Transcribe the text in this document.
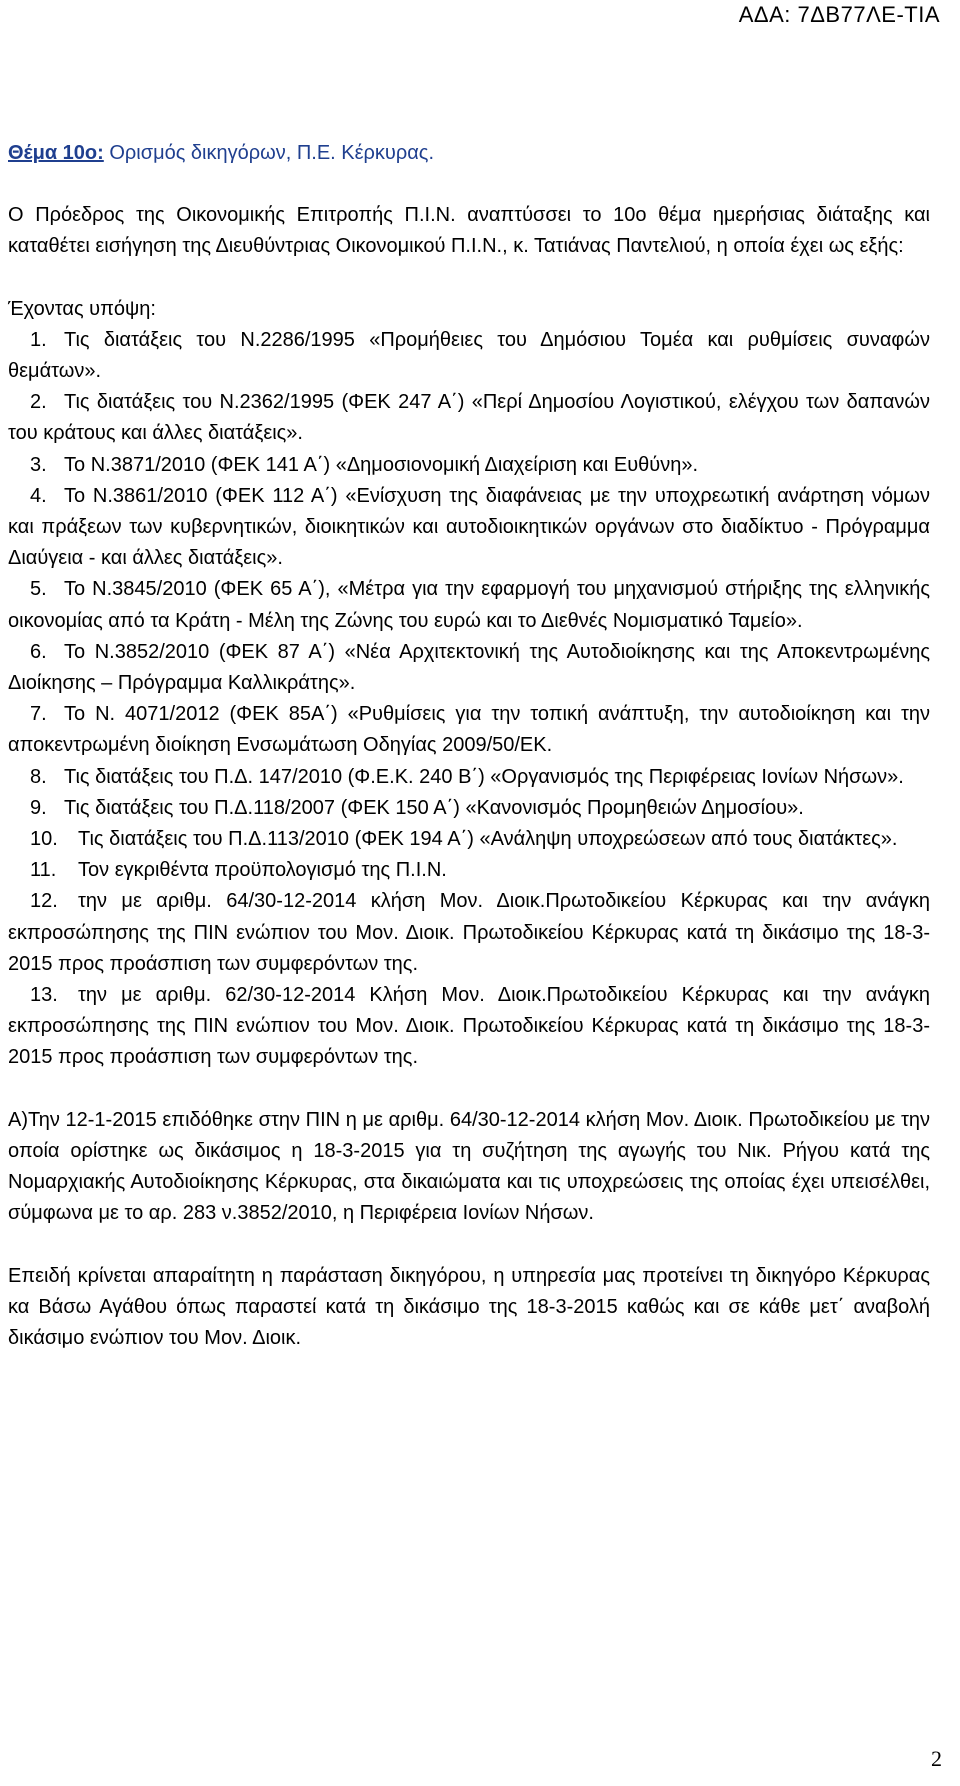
ΑΔΑ: 7ΔΒ77ΛΕ-ΤΙΑ

Θέμα 10ο: Ορισμός δικηγόρων, Π.Ε. Κέρκυρας.

Ο Πρόεδρος της Οικονομικής Επιτροπής Π.Ι.Ν. αναπτύσσει το 10ο θέμα ημερήσιας διάταξης και καταθέτει εισήγηση της Διευθύντριας Οικονομικού Π.Ι.Ν., κ. Τατιάνας Παντελιού, η οποία έχει ως εξής:

Έχοντας υπόψη:

1. Τις διατάξεις του Ν.2286/1995 «Προμήθειες του Δημόσιου Τομέα και ρυθμίσεις συναφών θεμάτων».

2. Τις διατάξεις του Ν.2362/1995 (ΦΕΚ 247 Α΄) «Περί Δημοσίου Λογιστικού, ελέγχου των δαπανών του κράτους και άλλες διατάξεις».

3. Το Ν.3871/2010 (ΦΕΚ 141 Α΄) «Δημοσιονομική Διαχείριση και Ευθύνη».

4. Το Ν.3861/2010 (ΦΕΚ 112 Α΄) «Ενίσχυση της διαφάνειας με την υποχρεωτική ανάρτηση νόμων και πράξεων των κυβερνητικών, διοικητικών και αυτοδιοικητικών οργάνων στο διαδίκτυο - Πρόγραμμα Διαύγεια - και άλλες διατάξεις».

5. Το Ν.3845/2010 (ΦΕΚ 65 Α΄), «Μέτρα για την εφαρμογή του μηχανισμού στήριξης της ελληνικής οικονομίας από τα Κράτη - Μέλη της Ζώνης του ευρώ και το Διεθνές Νομισματικό Ταμείο».

6. Το Ν.3852/2010 (ΦΕΚ 87 Α΄) «Νέα Αρχιτεκτονική της Αυτοδιοίκησης και της Αποκεντρωμένης Διοίκησης – Πρόγραμμα Καλλικράτης».

7. Το Ν. 4071/2012 (ΦΕΚ 85Α΄) «Ρυθμίσεις για την τοπική ανάπτυξη, την αυτοδιοίκηση και την αποκεντρωμένη διοίκηση Ενσωμάτωση Οδηγίας 2009/50/ΕΚ.

8. Τις διατάξεις του Π.Δ. 147/2010 (Φ.Ε.Κ. 240 Β΄) «Οργανισμός της Περιφέρειας Ιονίων Νήσων».

9. Τις διατάξεις του Π.Δ.118/2007 (ΦΕΚ 150 Α΄) «Κανονισμός Προμηθειών Δημοσίου».

10. Τις διατάξεις του Π.Δ.113/2010 (ΦΕΚ 194 Α΄) «Ανάληψη υποχρεώσεων από τους διατάκτες».

11. Τον εγκριθέντα προϋπολογισμό της Π.Ι.Ν.

12. την με αριθμ. 64/30-12-2014 κλήση Μον. Διοικ.Πρωτοδικείου Κέρκυρας και την ανάγκη εκπροσώπησης της ΠΙΝ ενώπιον του Μον. Διοικ. Πρωτοδικείου Κέρκυρας κατά τη δικάσιμο της 18-3-2015 προς προάσπιση των συμφερόντων της.

13. την με αριθμ. 62/30-12-2014 Κλήση Μον. Διοικ.Πρωτοδικείου Κέρκυρας και την ανάγκη εκπροσώπησης της ΠΙΝ ενώπιον του Μον. Διοικ. Πρωτοδικείου Κέρκυρας κατά τη δικάσιμο της 18-3-2015 προς προάσπιση των συμφερόντων της.

Α)Την 12-1-2015 επιδόθηκε στην ΠΙΝ η με αριθμ. 64/30-12-2014 κλήση Μον. Διοικ. Πρωτοδικείου με την οποία ορίστηκε ως δικάσιμος η 18-3-2015 για τη συζήτηση της αγωγής του Νικ. Ρήγου κατά της Νομαρχιακής Αυτοδιοίκησης Κέρκυρας, στα δικαιώματα και τις υποχρεώσεις της οποίας έχει υπεισέλθει, σύμφωνα με το αρ. 283 ν.3852/2010, η Περιφέρεια Ιονίων Νήσων.

Επειδή κρίνεται απαραίτητη η παράσταση δικηγόρου, η υπηρεσία μας προτείνει τη δικηγόρο Κέρκυρας κα Βάσω Αγάθου όπως παραστεί κατά τη δικάσιμο της 18-3-2015 καθώς και σε κάθε μετ΄ αναβολή δικάσιμο ενώπιον του Μον. Διοικ.

2
